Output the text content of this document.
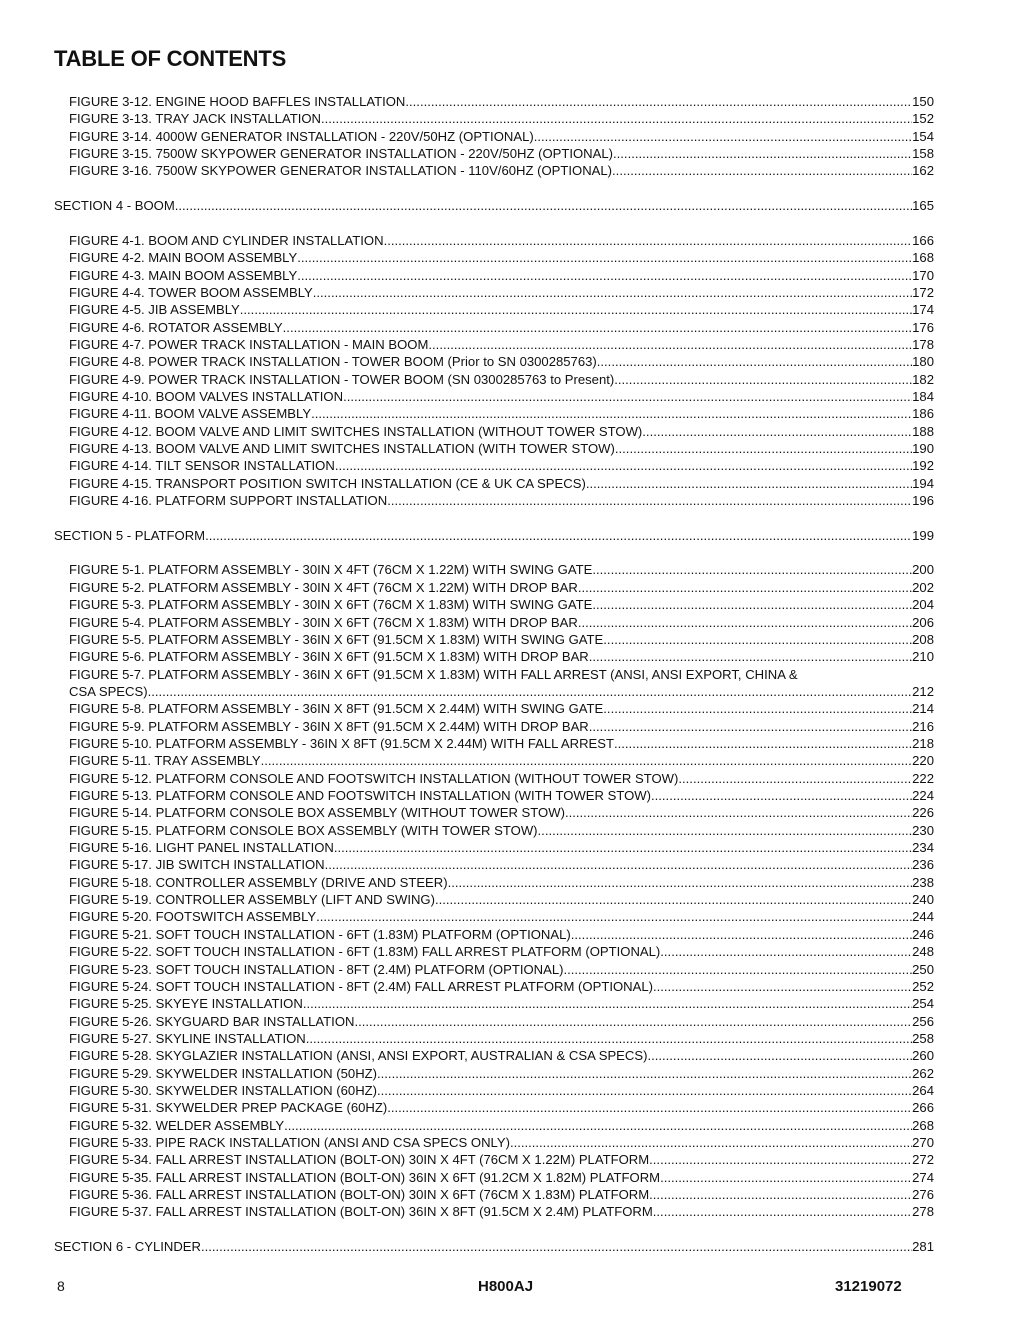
TABLE OF CONTENTS
FIGURE 3-12. ENGINE HOOD BAFFLES INSTALLATION .....	150
FIGURE 3-13. TRAY JACK INSTALLATION .....	152
FIGURE 3-14. 4000W GENERATOR INSTALLATION - 220V/50HZ (OPTIONAL) .....	154
FIGURE 3-15. 7500W SKYPOWER GENERATOR INSTALLATION - 220V/50HZ (OPTIONAL) .....	158
FIGURE 3-16. 7500W SKYPOWER GENERATOR INSTALLATION - 110V/60HZ (OPTIONAL) .....	162
SECTION 4 - BOOM .....	165
FIGURE 4-1. BOOM AND CYLINDER INSTALLATION .....	166
FIGURE 4-2. MAIN BOOM ASSEMBLY .....	168
FIGURE 4-3. MAIN BOOM ASSEMBLY .....	170
FIGURE 4-4. TOWER BOOM ASSEMBLY .....	172
FIGURE 4-5. JIB ASSEMBLY .....	174
FIGURE 4-6. ROTATOR ASSEMBLY .....	176
FIGURE 4-7. POWER TRACK INSTALLATION - MAIN BOOM .....	178
FIGURE 4-8. POWER TRACK INSTALLATION - TOWER BOOM (Prior to SN 0300285763) .....	180
FIGURE 4-9. POWER TRACK INSTALLATION - TOWER BOOM (SN 0300285763 to Present) .....	182
FIGURE 4-10. BOOM VALVES INSTALLATION .....	184
FIGURE 4-11. BOOM VALVE ASSEMBLY .....	186
FIGURE 4-12. BOOM VALVE AND LIMIT SWITCHES INSTALLATION (WITHOUT TOWER STOW) .....	188
FIGURE 4-13. BOOM VALVE AND LIMIT SWITCHES INSTALLATION (WITH TOWER STOW) .....	190
FIGURE 4-14. TILT SENSOR INSTALLATION .....	192
FIGURE 4-15. TRANSPORT POSITION SWITCH INSTALLATION (CE & UK CA SPECS) .....	194
FIGURE 4-16. PLATFORM SUPPORT INSTALLATION .....	196
SECTION 5 - PLATFORM .....	199
FIGURE 5-1. PLATFORM ASSEMBLY - 30IN X 4FT (76CM X 1.22M) WITH SWING GATE .....	200
FIGURE 5-2. PLATFORM ASSEMBLY - 30IN X 4FT (76CM X 1.22M) WITH DROP BAR .....	202
FIGURE 5-3. PLATFORM ASSEMBLY - 30IN X 6FT (76CM X 1.83M) WITH SWING GATE .....	204
FIGURE 5-4. PLATFORM ASSEMBLY - 30IN X 6FT (76CM X 1.83M) WITH DROP BAR .....	206
FIGURE 5-5. PLATFORM ASSEMBLY - 36IN X 6FT (91.5CM X 1.83M) WITH SWING GATE .....	208
FIGURE 5-6. PLATFORM ASSEMBLY - 36IN X 6FT (91.5CM X 1.83M) WITH DROP BAR .....	210
FIGURE 5-7. PLATFORM ASSEMBLY - 36IN X 6FT (91.5CM X 1.83M) WITH FALL ARREST (ANSI, ANSI EXPORT, CHINA &
CSA SPECS) .....	212
FIGURE 5-8. PLATFORM ASSEMBLY - 36IN X 8FT (91.5CM X 2.44M) WITH SWING GATE .....	214
FIGURE 5-9. PLATFORM ASSEMBLY - 36IN X 8FT (91.5CM X 2.44M) WITH DROP BAR .....	216
FIGURE 5-10. PLATFORM ASSEMBLY - 36IN X 8FT (91.5CM X 2.44M) WITH FALL ARREST .....	218
FIGURE 5-11. TRAY ASSEMBLY .....	220
FIGURE 5-12. PLATFORM CONSOLE AND FOOTSWITCH INSTALLATION (WITHOUT TOWER STOW) .....	222
FIGURE 5-13. PLATFORM CONSOLE AND FOOTSWITCH INSTALLATION (WITH TOWER STOW) .....	224
FIGURE 5-14. PLATFORM CONSOLE BOX ASSEMBLY (WITHOUT TOWER STOW) .....	226
FIGURE 5-15. PLATFORM CONSOLE BOX ASSEMBLY (WITH TOWER STOW) .....	230
FIGURE 5-16. LIGHT PANEL INSTALLATION .....	234
FIGURE 5-17. JIB SWITCH INSTALLATION .....	236
FIGURE 5-18. CONTROLLER ASSEMBLY (DRIVE AND STEER) .....	238
FIGURE 5-19. CONTROLLER ASSEMBLY (LIFT AND SWING) .....	240
FIGURE 5-20. FOOTSWITCH ASSEMBLY .....	244
FIGURE 5-21. SOFT TOUCH INSTALLATION - 6FT (1.83M) PLATFORM (OPTIONAL) .....	246
FIGURE 5-22. SOFT TOUCH INSTALLATION - 6FT (1.83M) FALL ARREST PLATFORM (OPTIONAL) .....	248
FIGURE 5-23. SOFT TOUCH INSTALLATION - 8FT (2.4M) PLATFORM (OPTIONAL) .....	250
FIGURE 5-24. SOFT TOUCH INSTALLATION - 8FT (2.4M) FALL ARREST PLATFORM (OPTIONAL) .....	252
FIGURE 5-25. SKYEYE INSTALLATION .....	254
FIGURE 5-26. SKYGUARD BAR INSTALLATION .....	256
FIGURE 5-27. SKYLINE INSTALLATION .....	258
FIGURE 5-28. SKYGLAZIER INSTALLATION (ANSI, ANSI EXPORT, AUSTRALIAN & CSA SPECS) .....	260
FIGURE 5-29. SKYWELDER INSTALLATION (50HZ) .....	262
FIGURE 5-30. SKYWELDER INSTALLATION (60HZ) .....	264
FIGURE 5-31. SKYWELDER PREP PACKAGE (60HZ) .....	266
FIGURE 5-32. WELDER ASSEMBLY .....	268
FIGURE 5-33. PIPE RACK INSTALLATION (ANSI AND CSA SPECS ONLY) .....	270
FIGURE 5-34. FALL ARREST INSTALLATION (BOLT-ON) 30IN X 4FT (76CM X 1.22M) PLATFORM .....	272
FIGURE 5-35. FALL ARREST INSTALLATION (BOLT-ON) 36IN X 6FT (91.2CM X 1.82M) PLATFORM .....	274
FIGURE 5-36. FALL ARREST INSTALLATION (BOLT-ON) 30IN X 6FT (76CM X 1.83M) PLATFORM .....	276
FIGURE 5-37. FALL ARREST INSTALLATION (BOLT-ON) 36IN X 8FT (91.5CM X 2.4M) PLATFORM .....	278
SECTION 6 - CYLINDER .....	281
8	H800AJ	31219072
